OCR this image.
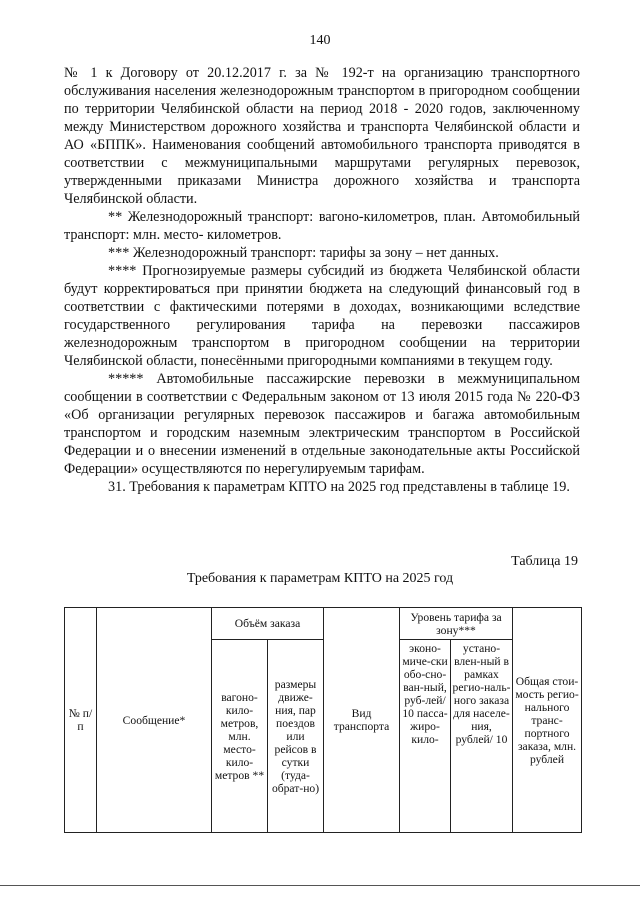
140

№ 1 к Договору от 20.12.2017 г. за № 192-т на организацию транспортного обслуживания населения железнодорожным транспортом в пригородном сообщении по территории Челябинской области на период 2018 - 2020 годов, заключенному между Министерством дорожного хозяйства и транспорта Челябинской области и АО «БППК». Наименования сообщений автомобильного транспорта приводятся в соответствии с межмуниципальными маршрутами регулярных перевозок, утвержденными приказами Министра дорожного хозяйства и транспорта Челябинской области.

** Железнодорожный транспорт: вагоно-километров, план. Автомобильный транспорт: млн. место- километров.

*** Железнодорожный транспорт: тарифы за зону – нет данных.

**** Прогнозируемые размеры субсидий из бюджета Челябинской области будут корректироваться при принятии бюджета на следующий финансовый год в соответствии с фактическими потерями в доходах, возникающими вследствие государственного регулирования тарифа на перевозки пассажиров железнодорожным транспортом в пригородном сообщении на территории Челябинской области, понесёнными пригородными компаниями в текущем году.

***** Автомобильные пассажирские перевозки в межмуниципальном сообщении в соответствии с Федеральным законом от 13 июля 2015 года № 220-ФЗ «Об организации регулярных перевозок пассажиров и багажа автомобильным транспортом и городским наземным электрическим транспортом в Российской Федерации и о внесении изменений в отдельные законодательные акты Российской Федерации» осуществляются по нерегулируемым тарифам.

31. Требования к параметрам КПТО на 2025 год представлены в таблице 19.

Таблица 19
Требования к параметрам КПТО на 2025 год
№ п/п	Сообщение*	Объём заказа		Вид транспорта	Уровень тарифа за зону***		Общая стои-мость регио-нального транс-портного заказа, млн. рублей
		вагоно-кило-метров, млн. место-кило-метров **	размеры движе-ния, пар поездов или рейсов в сутки (туда-обрат-но)		эконо-миче-ски обо-сно-ван-ный, руб-лей/ 10 пасса-жиро-кило-	устано-влен-ный в рамках регио-наль-ного заказа для населе-ния, рублей/ 10	
